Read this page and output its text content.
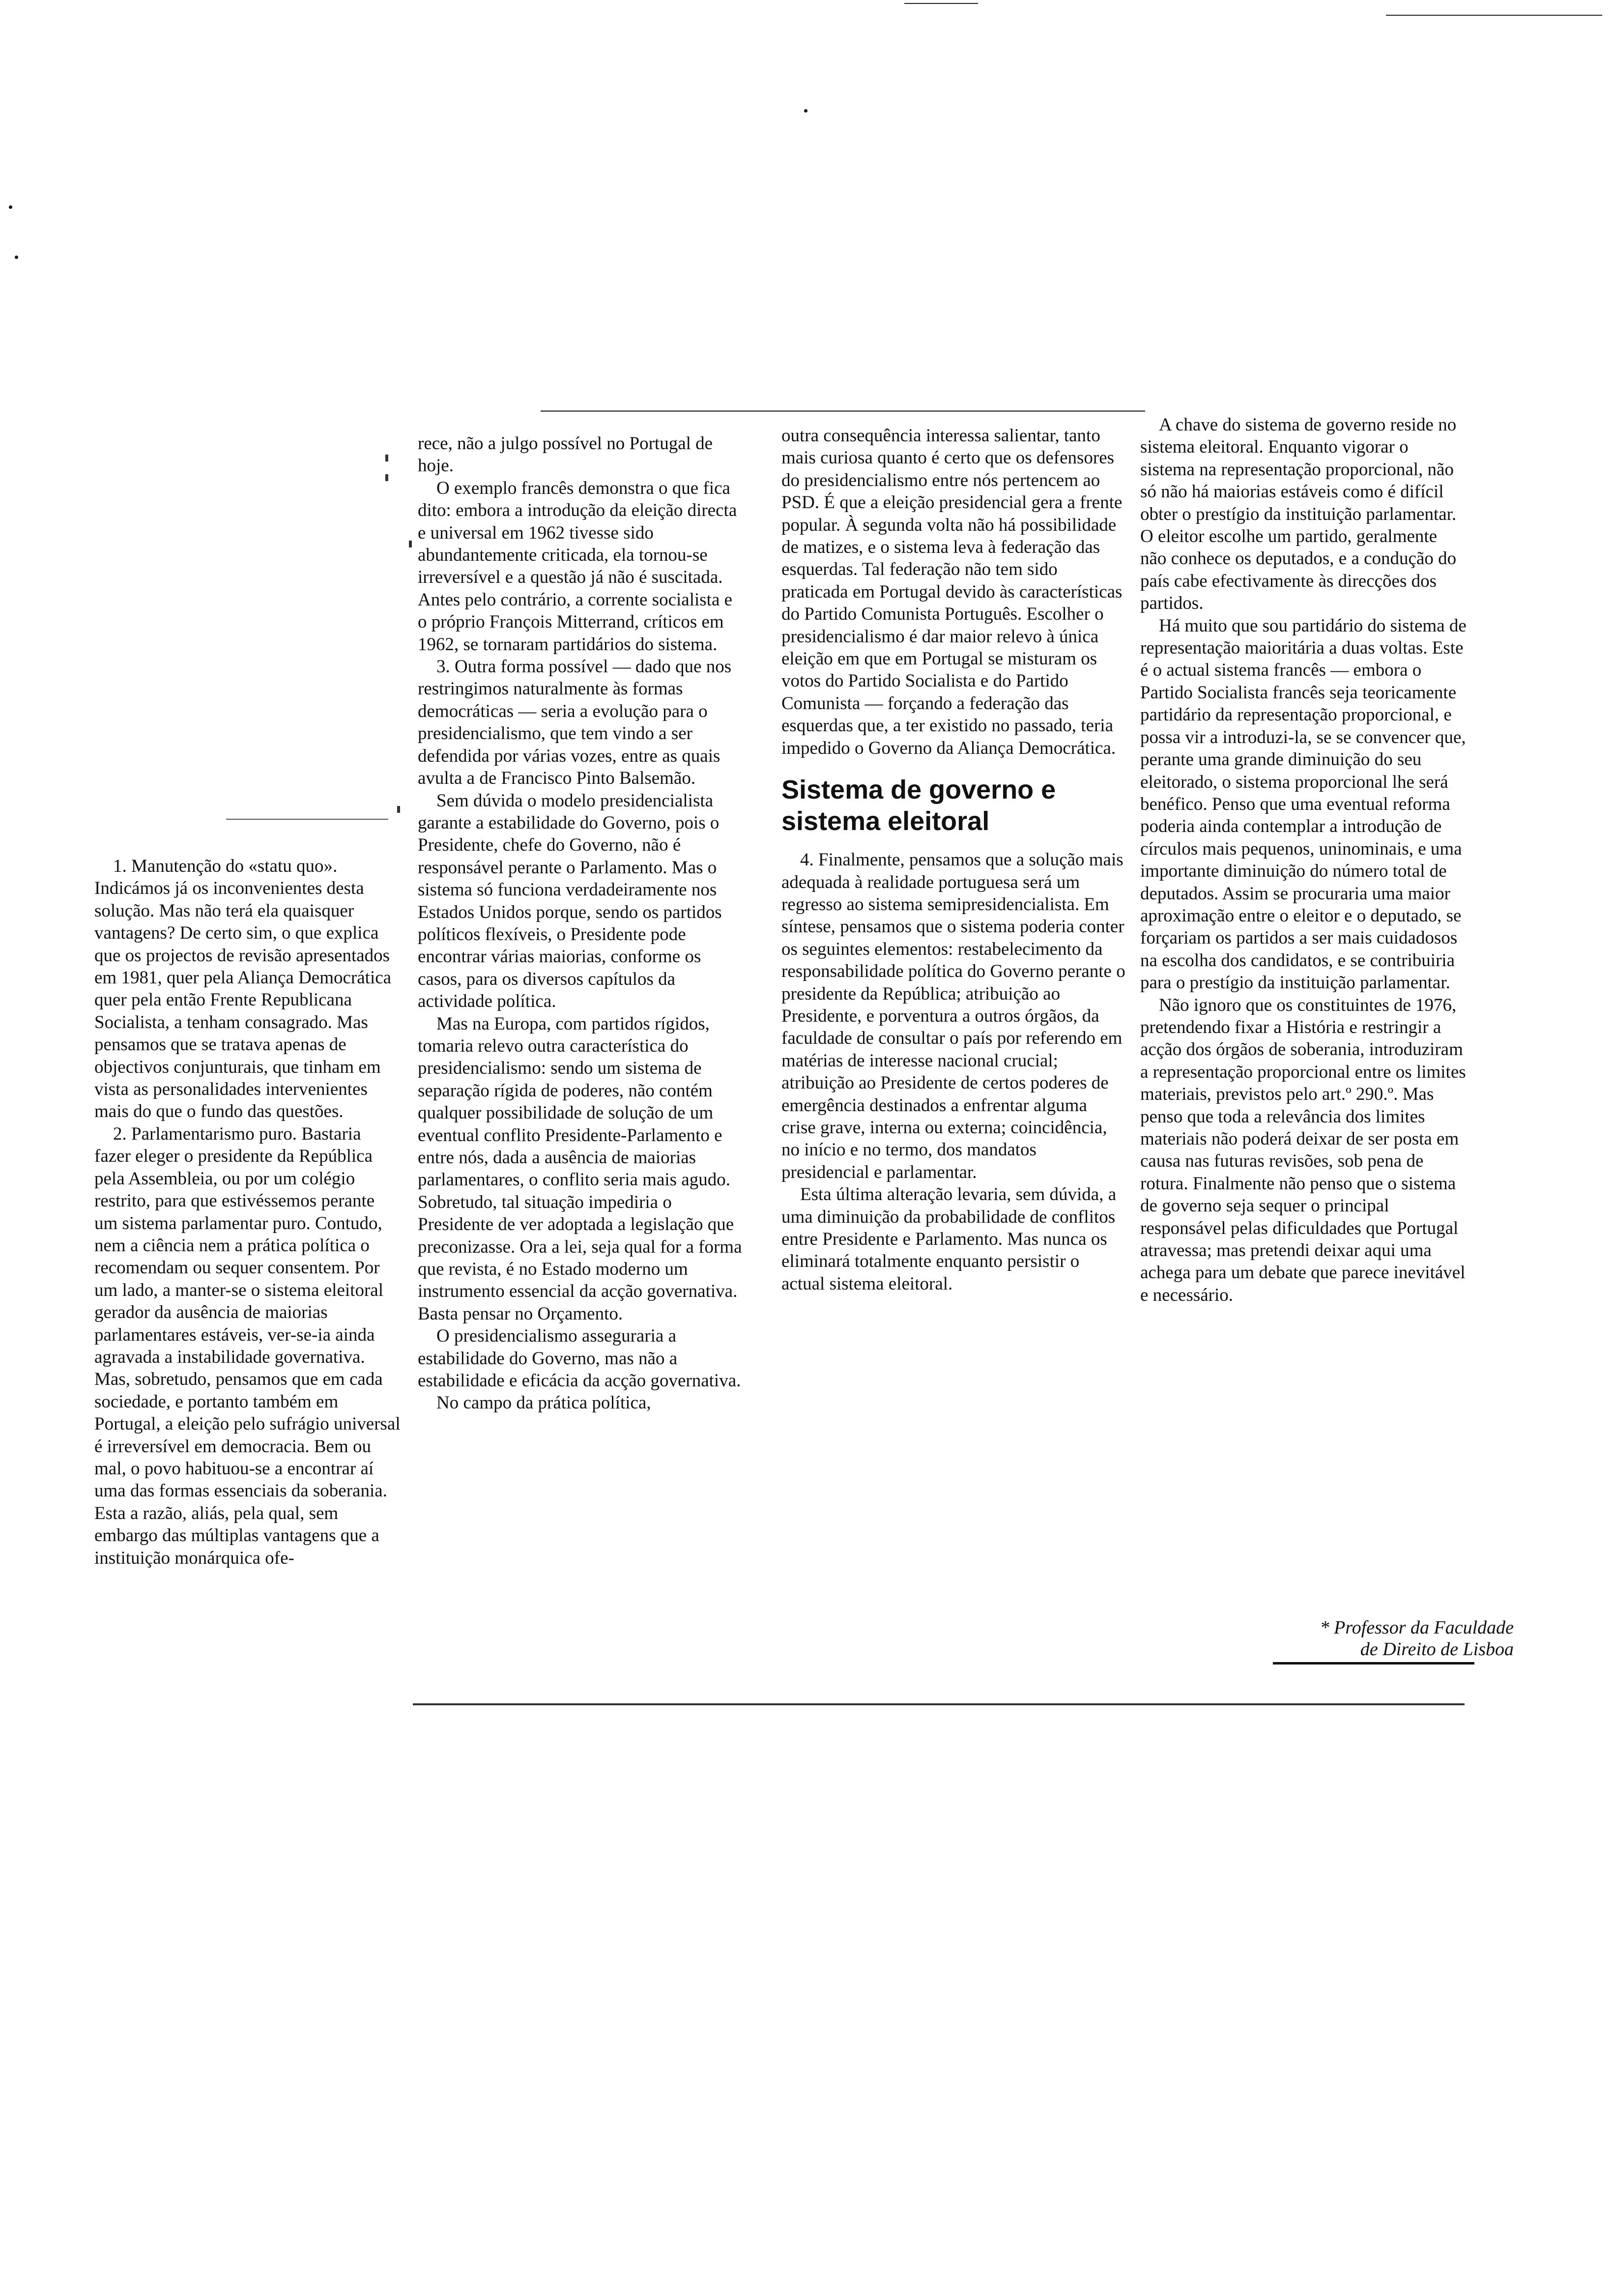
1. Manutenção do «statu quo». Indicámos já os inconvenientes desta solução. Mas não terá ela quaisquer vantagens? De certo sim, o que explica que os projectos de revisão apresentados em 1981, quer pela Aliança Democrática quer pela então Frente Republicana Socialista, a tenham consagrado. Mas pensamos que se tratava apenas de objectivos conjunturais, que tinham em vista as personalidades intervenientes mais do que o fundo das questões.

2. Parlamentarismo puro. Bastaria fazer eleger o presidente da República pela Assembleia, ou por um colégio restrito, para que estivéssemos perante um sistema parlamentar puro. Contudo, nem a ciência nem a prática política o recomendam ou sequer consentem. Por um lado, a manter-se o sistema eleitoral gerador da ausência de maiorias parlamentares estáveis, ver-se-ia ainda agravada a instabilidade governativa. Mas, sobretudo, pensamos que em cada sociedade, e portanto também em Portugal, a eleição pelo sufrágio universal é irreversível em democracia. Bem ou mal, o povo habituou-se a encontrar aí uma das formas essenciais da soberania. Esta a razão, aliás, pela qual, sem embargo das múltiplas vantagens que a instituição monárquica ofe-

rece, não a julgo possível no Portugal de hoje.

O exemplo francês demonstra o que fica dito: embora a introdução da eleição directa e universal em 1962 tivesse sido abundantemente criticada, ela tornou-se irreversível e a questão já não é suscitada. Antes pelo contrário, a corrente socialista e o próprio François Mitterrand, críticos em 1962, se tornaram partidários do sistema.

3. Outra forma possível — dado que nos restringimos naturalmente às formas democráticas — seria a evolução para o presidencialismo, que tem vindo a ser defendida por várias vozes, entre as quais avulta a de Francisco Pinto Balsemão.

Sem dúvida o modelo presidencialista garante a estabilidade do Governo, pois o Presidente, chefe do Governo, não é responsável perante o Parlamento. Mas o sistema só funciona verdadeiramente nos Estados Unidos porque, sendo os partidos políticos flexíveis, o Presidente pode encontrar várias maiorias, conforme os casos, para os diversos capítulos da actividade política.

Mas na Europa, com partidos rígidos, tomaria relevo outra característica do presidencialismo: sendo um sistema de separação rígida de poderes, não contém qualquer possibilidade de solução de um eventual conflito Presidente-Parlamento e entre nós, dada a ausência de maiorias parlamentares, o conflito seria mais agudo. Sobretudo, tal situação impediria o Presidente de ver adoptada a legislação que preconizasse. Ora a lei, seja qual for a forma que revista, é no Estado moderno um instrumento essencial da acção governativa. Basta pensar no Orçamento.

O presidencialismo asseguraria a estabilidade do Governo, mas não a estabilidade e eficácia da acção governativa.

No campo da prática política,

outra consequência interessa salientar, tanto mais curiosa quanto é certo que os defensores do presidencialismo entre nós pertencem ao PSD. É que a eleição presidencial gera a frente popular. À segunda volta não há possibilidade de matizes, e o sistema leva à federação das esquerdas. Tal federação não tem sido praticada em Portugal devido às características do Partido Comunista Português. Escolher o presidencialismo é dar maior relevo à única eleição em que em Portugal se misturam os votos do Partido Socialista e do Partido Comunista — forçando a federação das esquerdas que, a ter existido no passado, teria impedido o Governo da Aliança Democrática.

Sistema de governo e sistema eleitoral

4. Finalmente, pensamos que a solução mais adequada à realidade portuguesa será um regresso ao sistema semipresidencialista. Em síntese, pensamos que o sistema poderia conter os seguintes elementos: restabelecimento da responsabilidade política do Governo perante o presidente da República; atribuição ao Presidente, e porventura a outros órgãos, da faculdade de consultar o país por referendo em matérias de interesse nacional crucial; atribuição ao Presidente de certos poderes de emergência destinados a enfrentar alguma crise grave, interna ou externa; coincidência, no início e no termo, dos mandatos presidencial e parlamentar.

Esta última alteração levaria, sem dúvida, a uma diminuição da probabilidade de conflitos entre Presidente e Parlamento. Mas nunca os eliminará totalmente enquanto persistir o actual sistema eleitoral.

A chave do sistema de governo reside no sistema eleitoral. Enquanto vigorar o sistema na representação proporcional, não só não há maiorias estáveis como é difícil obter o prestígio da instituição parlamentar. O eleitor escolhe um partido, geralmente não conhece os deputados, e a condução do país cabe efectivamente às direcções dos partidos.

Há muito que sou partidário do sistema de representação maioritária a duas voltas. Este é o actual sistema francês — embora o Partido Socialista francês seja teoricamente partidário da representação proporcional, e possa vir a introduzi-la, se se convencer que, perante uma grande diminuição do seu eleitorado, o sistema proporcional lhe será benéfico. Penso que uma eventual reforma poderia ainda contemplar a introdução de círculos mais pequenos, uninominais, e uma importante diminuição do número total de deputados. Assim se procuraria uma maior aproximação entre o eleitor e o deputado, se forçariam os partidos a ser mais cuidadosos na escolha dos candidatos, e se contribuiria para o prestígio da instituição parlamentar.

Não ignoro que os constituintes de 1976, pretendendo fixar a História e restringir a acção dos órgãos de soberania, introduziram a representação proporcional entre os limites materiais, previstos pelo art.º 290.º. Mas penso que toda a relevância dos limites materiais não poderá deixar de ser posta em causa nas futuras revisões, sob pena de rotura. Finalmente não penso que o sistema de governo seja sequer o principal responsável pelas dificuldades que Portugal atravessa; mas pretendi deixar aqui uma achega para um debate que parece inevitável e necessário.

* Professor da Faculdade
de Direito de Lisboa
